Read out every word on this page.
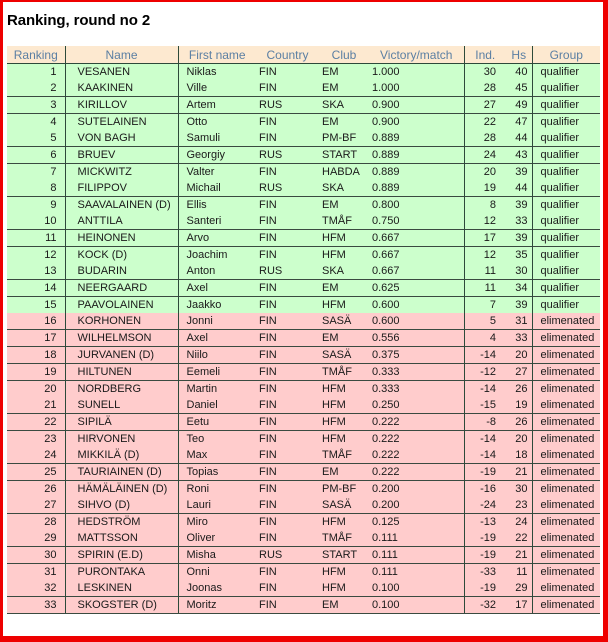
Ranking, round no 2
Ranking	Name	First name	Country	Club	Victory/match	Ind.	Hs	Group
1	VESANEN	Niklas	FIN	EM	1.000	30	40	qualifier
2	KAAKINEN	Ville	FIN	EM	1.000	28	45	qualifier
3	KIRILLOV	Artem	RUS	SKA	0.900	27	49	qualifier
4	SUTELAINEN	Otto	FIN	EM	0.900	22	47	qualifier
5	VON BAGH	Samuli	FIN	PM-BF	0.889	28	44	qualifier
6	BRUEV	Georgiy	RUS	START	0.889	24	43	qualifier
7	MICKWITZ	Valter	FIN	HABDA	0.889	20	39	qualifier
8	FILIPPOV	Michail	RUS	SKA	0.889	19	44	qualifier
9	SAAVALAINEN (D)	Ellis	FIN	EM	0.800	8	39	qualifier
10	ANTTILA	Santeri	FIN	TMÅF	0.750	12	33	qualifier
11	HEINONEN	Arvo	FIN	HFM	0.667	17	39	qualifier
12	KOCK (D)	Joachim	FIN	HFM	0.667	12	35	qualifier
13	BUDARIN	Anton	RUS	SKA	0.667	11	30	qualifier
14	NEERGAARD	Axel	FIN	EM	0.625	11	34	qualifier
15	PAAVOLAINEN	Jaakko	FIN	HFM	0.600	7	39	qualifier
16	KORHONEN	Jonni	FIN	SASÄ	0.600	5	31	elimenated
17	WILHELMSON	Axel	FIN	EM	0.556	4	33	elimenated
18	JURVANEN (D)	Niilo	FIN	SASÄ	0.375	-14	20	elimenated
19	HILTUNEN	Eemeli	FIN	TMÅF	0.333	-12	27	elimenated
20	NORDBERG	Martin	FIN	HFM	0.333	-14	26	elimenated
21	SUNELL	Daniel	FIN	HFM	0.250	-15	19	elimenated
22	SIPILÄ	Eetu	FIN	HFM	0.222	-8	26	elimenated
23	HIRVONEN	Teo	FIN	HFM	0.222	-14	20	elimenated
24	MIKKILÄ (D)	Max	FIN	TMÅF	0.222	-14	18	elimenated
25	TAURIAINEN (D)	Topias	FIN	EM	0.222	-19	21	elimenated
26	HÄMÄLÄINEN (D)	Roni	FIN	PM-BF	0.200	-16	30	elimenated
27	SIHVO (D)	Lauri	FIN	SASÄ	0.200	-24	23	elimenated
28	HEDSTRÖM	Miro	FIN	HFM	0.125	-13	24	elimenated
29	MATTSSON	Oliver	FIN	TMÅF	0.111	-19	22	elimenated
30	SPIRIN (E.D)	Misha	RUS	START	0.111	-19	21	elimenated
31	PURONTAKA	Onni	FIN	HFM	0.111	-33	11	elimenated
32	LESKINEN	Joonas	FIN	HFM	0.100	-19	29	elimenated
33	SKOGSTER (D)	Moritz	FIN	EM	0.100	-32	17	elimenated
